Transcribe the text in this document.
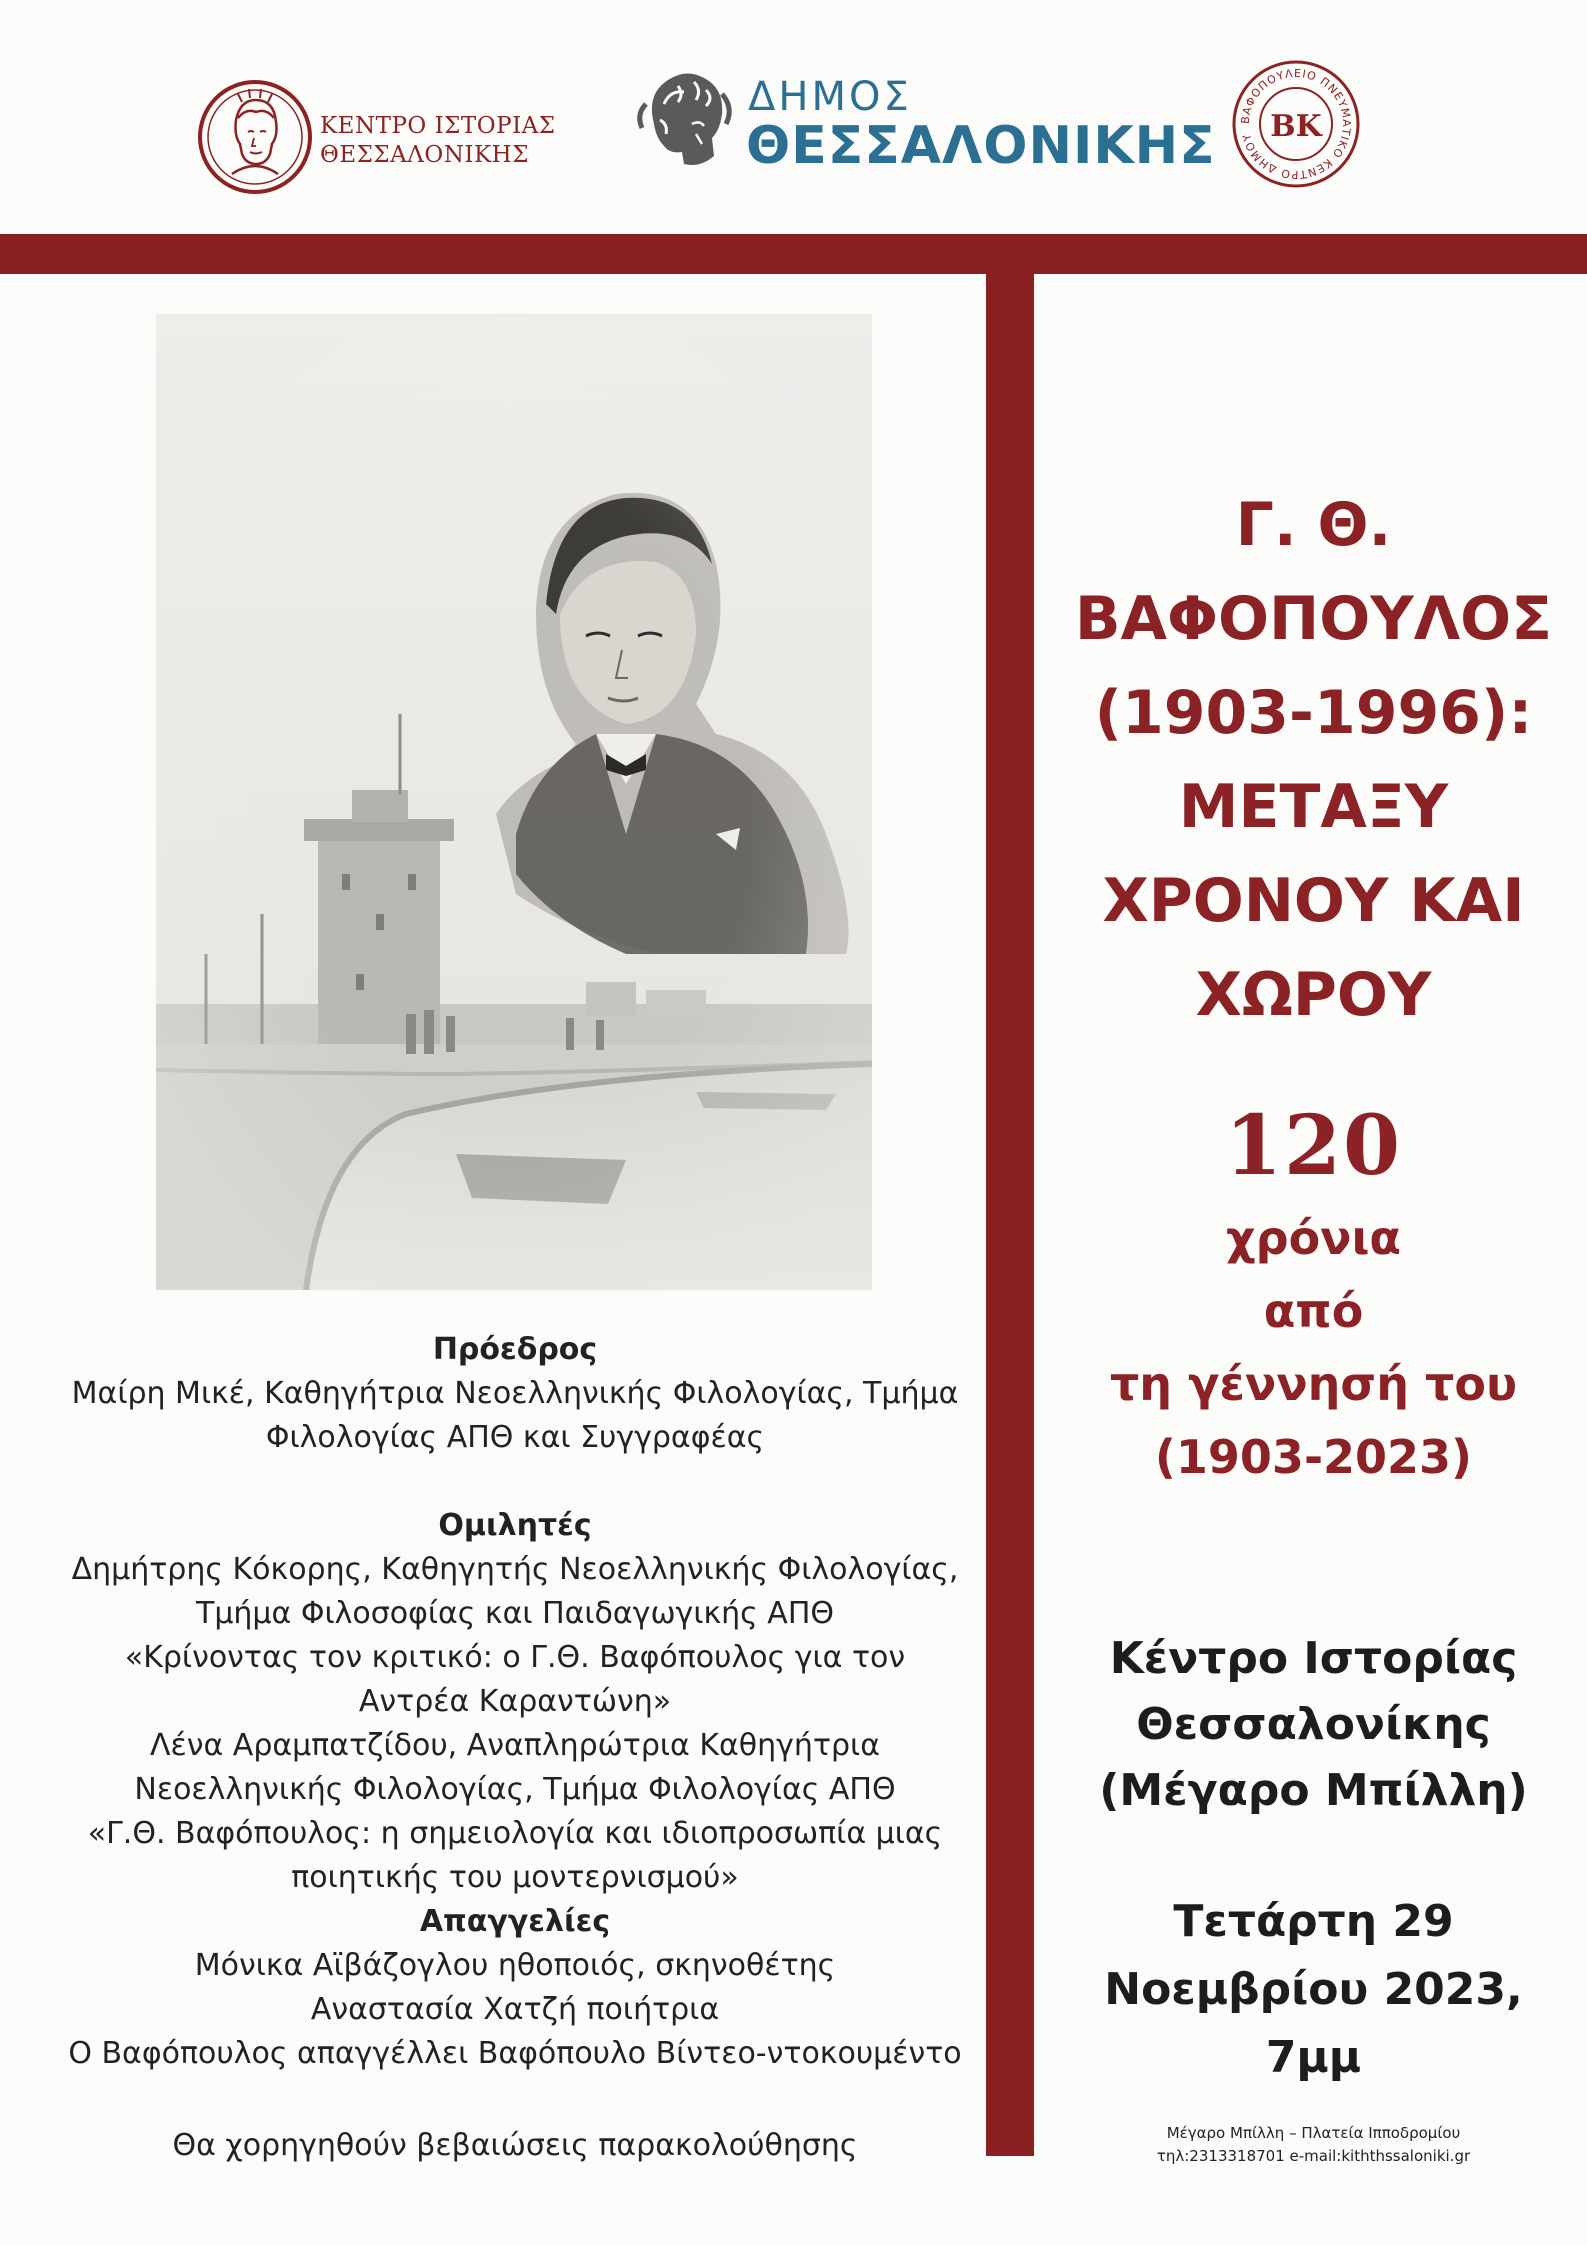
ΚΕΝΤΡΟ ΙΣΤΟΡΙΑΣ
ΘΕΣΣΑΛΟΝΙΚΗΣ
ΔΗΜΟΣ
ΘΕΣΣΑΛΟΝΙΚΗΣ	ΒΑΦΟΠΟΥΛΕΙΟ ΠΝΕΥΜΑΤΙΚΟ ΚΕΝΤΡΟ ΔΗΜΟΥ ΒΚ
Πρόεδρος
Μαίρη Μικέ, Καθηγήτρια Νεοελληνικής Φιλολογίας, Τμήμα
Φιλολογίας ΑΠΘ και Συγγραφέας
Ομιλητές
Δημήτρης Κόκορης, Καθηγητής Νεοελληνικής Φιλολογίας,
Τμήμα Φιλοσοφίας και Παιδαγωγικής ΑΠΘ
«Κρίνοντας τον κριτικό: ο Γ.Θ. Βαφόπουλος για τον
Αντρέα Καραντώνη»
Λένα Αραμπατζίδου, Αναπληρώτρια Καθηγήτρια
Νεοελληνικής Φιλολογίας, Τμήμα Φιλολογίας ΑΠΘ
«Γ.Θ. Βαφόπουλος: η σημειολογία και ιδιοπροσωπία μιας
ποιητικής του μοντερνισμού»
Απαγγελίες
Μόνικα Αϊβάζογλου ηθοποιός, σκηνοθέτης
Αναστασία Χατζή ποιήτρια
Ο Βαφόπουλος απαγγέλλει Βαφόπουλο Βίντεο-ντοκουμέντο
Θα χορηγηθούν βεβαιώσεις παρακολούθησης
Γ. Θ.
ΒΑΦΟΠΟΥΛΟΣ
(1903-1996):
ΜΕΤΑΞΥ
ΧΡΟΝΟΥ ΚΑΙ
ΧΩΡΟΥ
120
χρόνια
από
τη γέννησή του
(1903-2023)
Κέντρο Ιστορίας
Θεσσαλονίκης
(Μέγαρο Μπίλλη)
Τετάρτη 29
Νοεμβρίου 2023,
7μμ
Μέγαρο Μπίλλη – Πλατεία Ιπποδρομίου
τηλ:2313318701 e-mail:kiththssaloniki.gr
